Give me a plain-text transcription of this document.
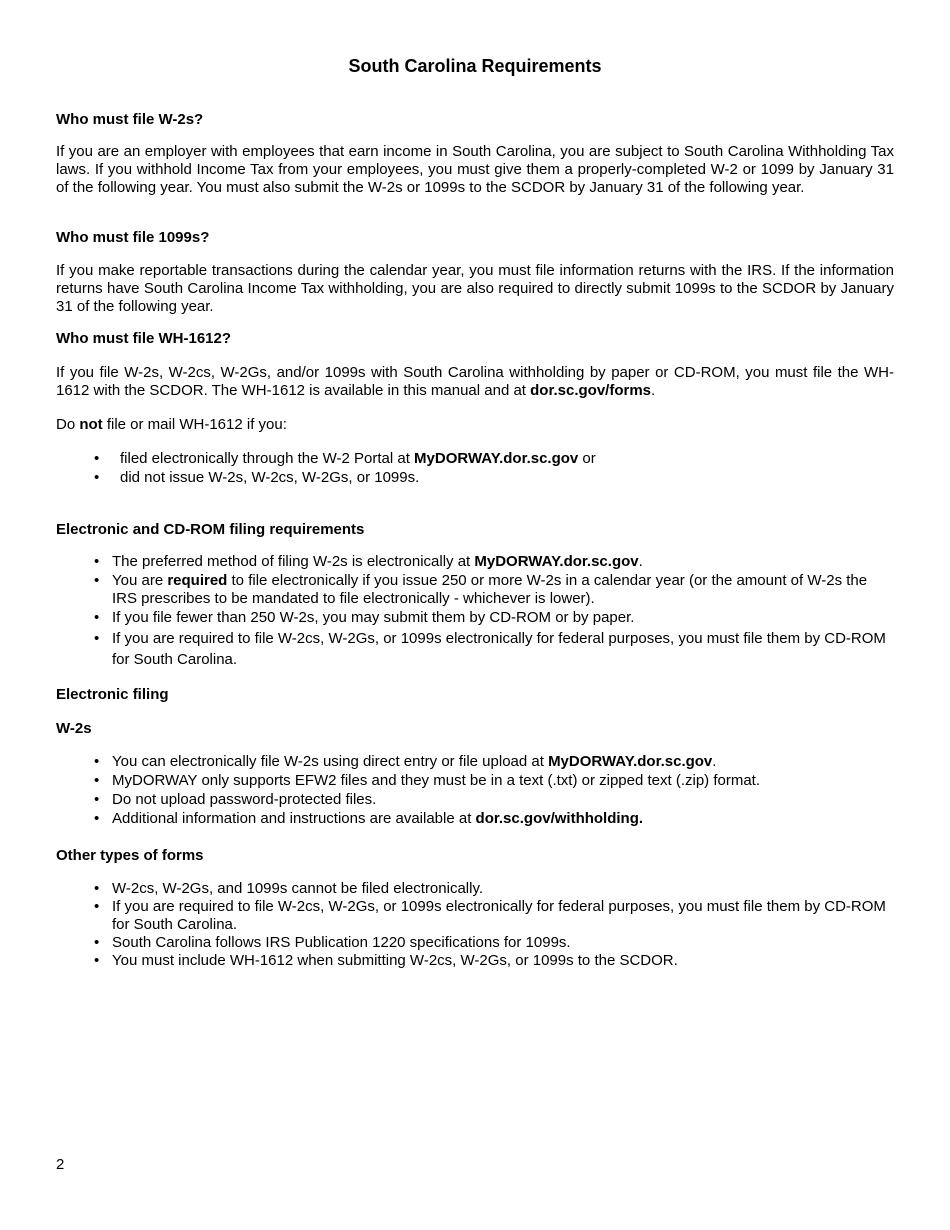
South Carolina Requirements

Who must file W-2s?

If you are an employer with employees that earn income in South Carolina, you are subject to South Carolina Withholding Tax laws. If you withhold Income Tax from your employees, you must give them a properly-completed W-2 or 1099 by January 31 of the following year. You must also submit the W-2s or 1099s to the SCDOR by January 31 of the following year.

Who must file 1099s?

If you make reportable transactions during the calendar year, you must file information returns with the IRS. If the information returns have South Carolina Income Tax withholding, you are also required to directly submit 1099s to the SCDOR by January 31 of the following year.

Who must file WH-1612?

If you file W-2s, W-2cs, W-2Gs, and/or 1099s with South Carolina withholding by paper or CD-ROM, you must file the WH-1612 with the SCDOR. The WH-1612 is available in this manual and at dor.sc.gov/forms.

Do not file or mail WH-1612 if you:

• filed electronically through the W-2 Portal at MyDORWAY.dor.sc.gov or
• did not issue W-2s, W-2cs, W-2Gs, or 1099s.

Electronic and CD-ROM filing requirements

• The preferred method of filing W-2s is electronically at MyDORWAY.dor.sc.gov.
• You are required to file electronically if you issue 250 or more W-2s in a calendar year (or the amount of W-2s the IRS prescribes to be mandated to file electronically - whichever is lower).
• If you file fewer than 250 W-2s, you may submit them by CD-ROM or by paper.
• If you are required to file W-2cs, W-2Gs, or 1099s electronically for federal purposes, you must file them by CD-ROM for South Carolina.

Electronic filing

W-2s

• You can electronically file W-2s using direct entry or file upload at MyDORWAY.dor.sc.gov.
• MyDORWAY only supports EFW2 files and they must be in a text (.txt) or zipped text (.zip) format.
• Do not upload password-protected files.
• Additional information and instructions are available at dor.sc.gov/withholding.

Other types of forms

• W-2cs, W-2Gs, and 1099s cannot be filed electronically.
• If you are required to file W-2cs, W-2Gs, or 1099s electronically for federal purposes, you must file them by CD-ROM for South Carolina.
• South Carolina follows IRS Publication 1220 specifications for 1099s.
• You must include WH-1612 when submitting W-2cs, W-2Gs, or 1099s to the SCDOR.
2
